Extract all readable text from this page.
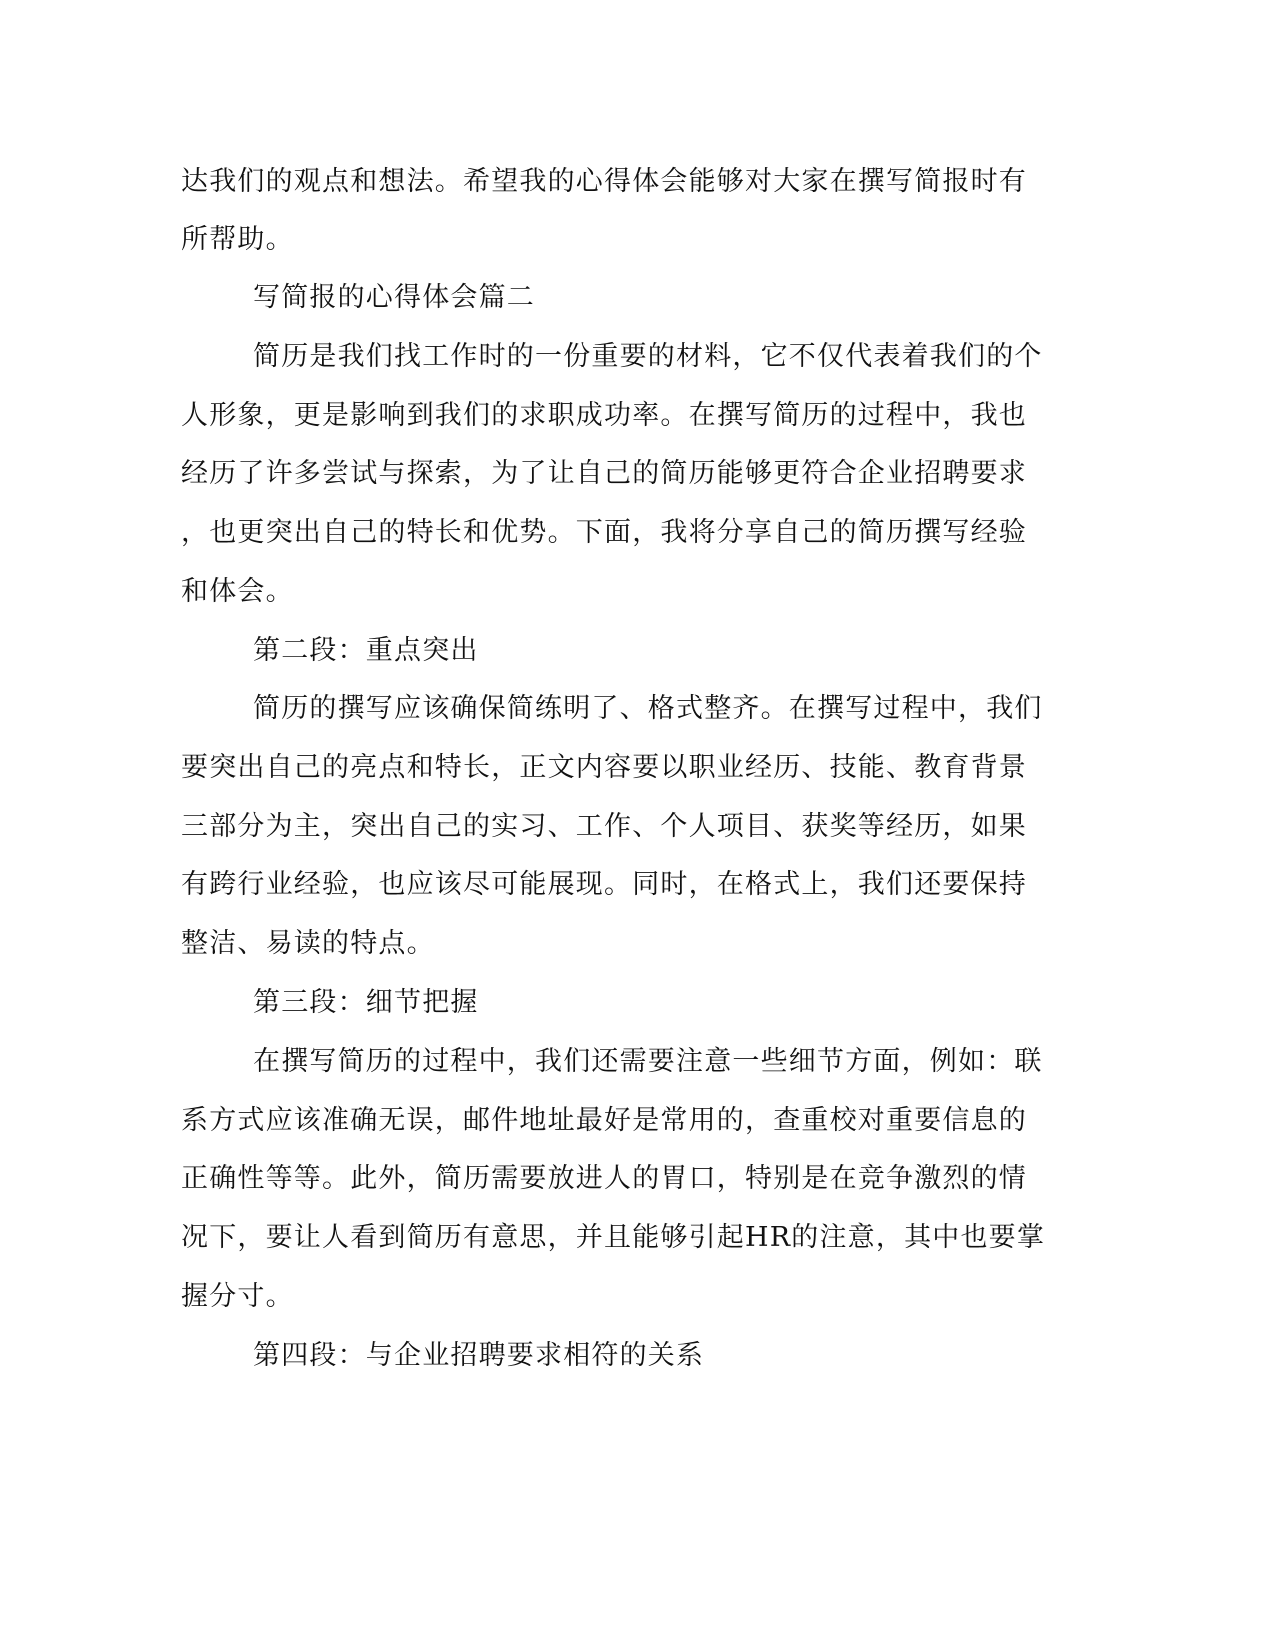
达我们的观点和想法。希望我的心得体会能够对大家在撰写简报时有
所帮助。
写简报的心得体会篇二
简历是我们找工作时的一份重要的材料，它不仅代表着我们的个
人形象，更是影响到我们的求职成功率。在撰写简历的过程中，我也
经历了许多尝试与探索，为了让自己的简历能够更符合企业招聘要求
，也更突出自己的特长和优势。下面，我将分享自己的简历撰写经验
和体会。
第二段：重点突出
简历的撰写应该确保简练明了、格式整齐。在撰写过程中，我们
要突出自己的亮点和特长，正文内容要以职业经历、技能、教育背景
三部分为主，突出自己的实习、工作、个人项目、获奖等经历，如果
有跨行业经验，也应该尽可能展现。同时，在格式上，我们还要保持
整洁、易读的特点。
第三段：细节把握
在撰写简历的过程中，我们还需要注意一些细节方面，例如：联
系方式应该准确无误，邮件地址最好是常用的，查重校对重要信息的
正确性等等。此外，简历需要放进人的胃口，特别是在竞争激烈的情
况下，要让人看到简历有意思，并且能够引起HR的注意，其中也要掌
握分寸。
第四段：与企业招聘要求相符的关系
